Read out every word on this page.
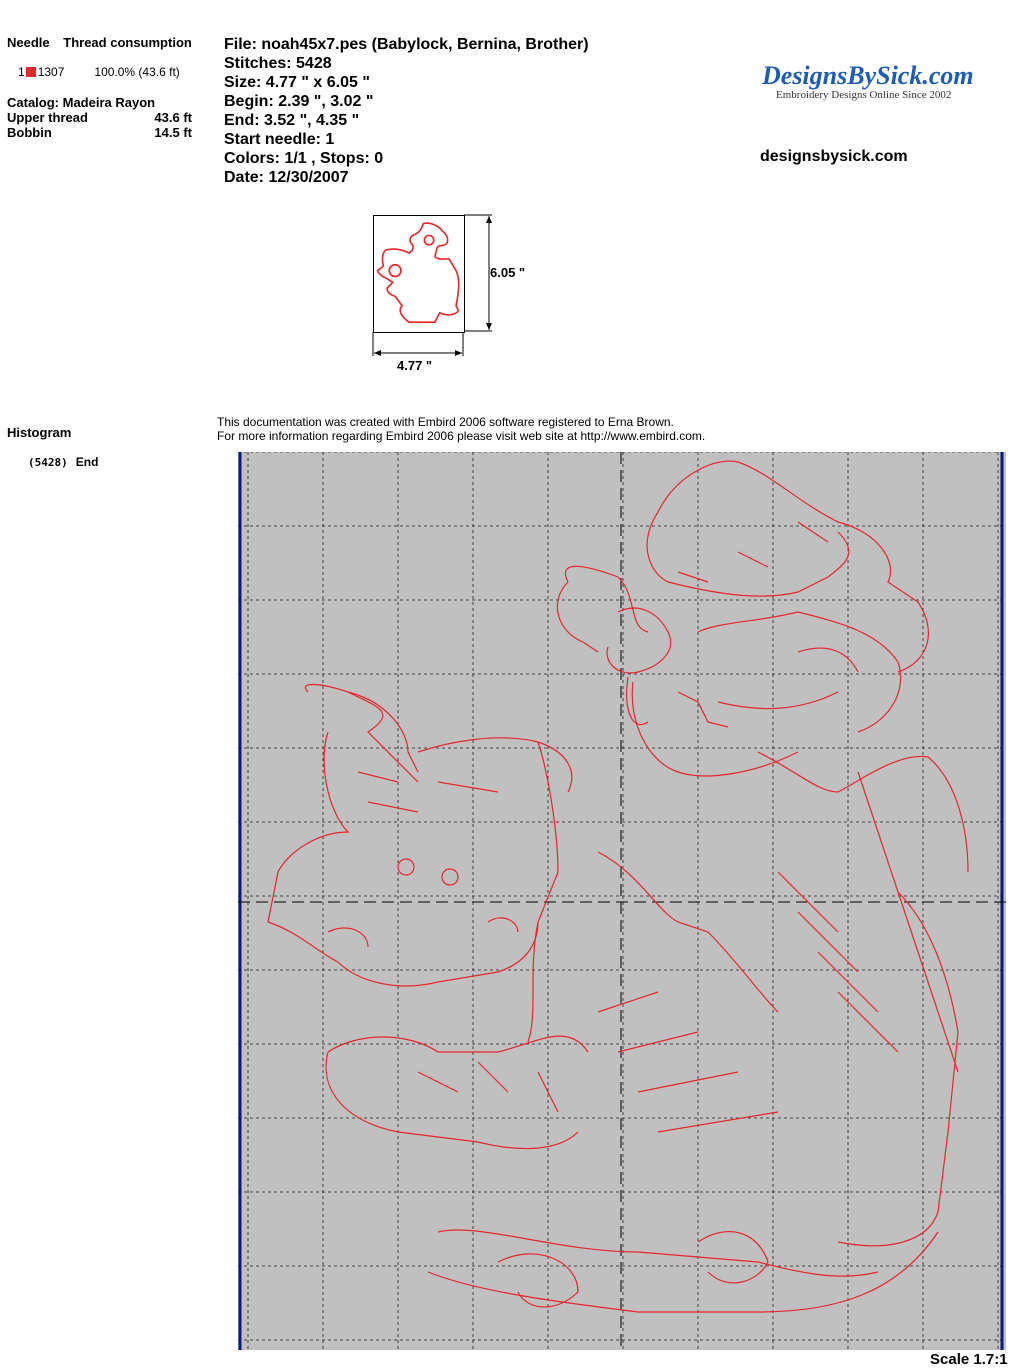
Needle Thread consumption
1 1307	100.0% (43.6 ft)
Catalog: Madeira Rayon
Upper thread	43.6 ft
Bobbin	14.5 ft
File: noah45x7.pes (Babylock, Bernina, Brother)
Stitches: 5428
Size: 4.77 " x 6.05 "
Begin: 2.39 ", 3.02 "
End: 3.52 ", 4.35 "
Start needle: 1
Colors: 1/1 , Stops: 0
Date: 12/30/2007
DesignsBySick.com
Embroidery Designs Online Since 2002
designsbysick.com
6.05 "
4.77 "
Histogram
(5428) End
This documentation was created with Embird 2006 software registered to Erna Brown.
For more information regarding Embird 2006 please visit web site at http://www.embird.com.
Scale 1.7:1
